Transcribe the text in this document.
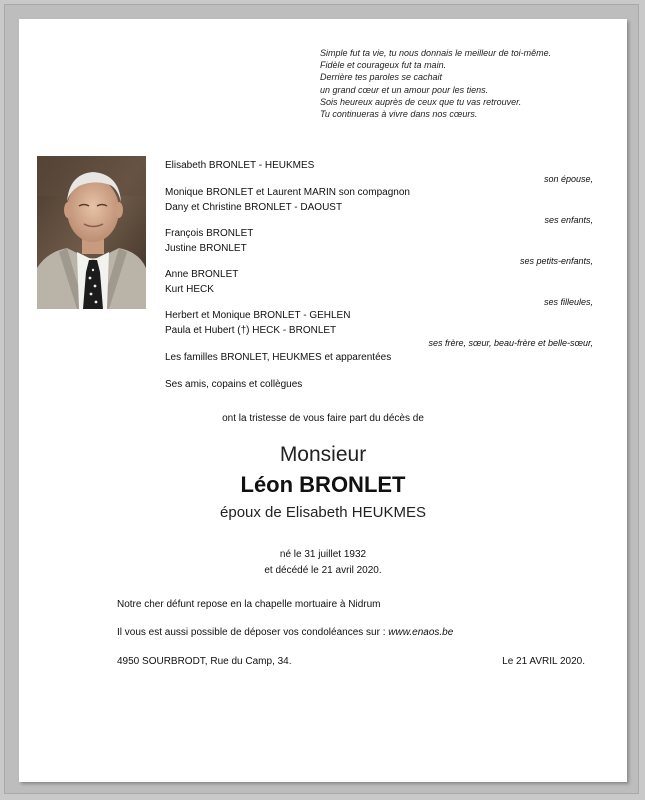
Simple fut ta vie, tu nous donnais le meilleur de toi-même.
Fidèle et courageux fut ta main.
Derrière tes paroles se cachait
un grand cœur et un amour pour les tiens.
Sois heureux auprès de ceux que tu vas retrouver.
Tu continueras à vivre dans nos cœurs.
Elisabeth BRONLET - HEUKMES
son épouse,
Monique BRONLET et Laurent MARIN son compagnon
Dany et Christine BRONLET - DAOUST
ses enfants,
François BRONLET
Justine BRONLET
ses petits-enfants,
Anne BRONLET
Kurt HECK
ses filleules,
Herbert et Monique BRONLET - GEHLEN
Paula et Hubert (†) HECK - BRONLET
ses frère, sœur, beau-frère et belle-sœur,
Les familles BRONLET, HEUKMES et apparentées
Ses amis, copains et collègues
ont la tristesse de vous faire part du décès de
Monsieur
Léon BRONLET
époux de Elisabeth HEUKMES
né le 31 juillet 1932
et décédé le 21 avril 2020.
Notre cher défunt repose en la chapelle mortuaire à Nidrum
Il vous est aussi possible de déposer vos condoléances sur : www.enaos.be
4950 SOURBRODT, Rue du Camp, 34.	Le 21 AVRIL 2020.
